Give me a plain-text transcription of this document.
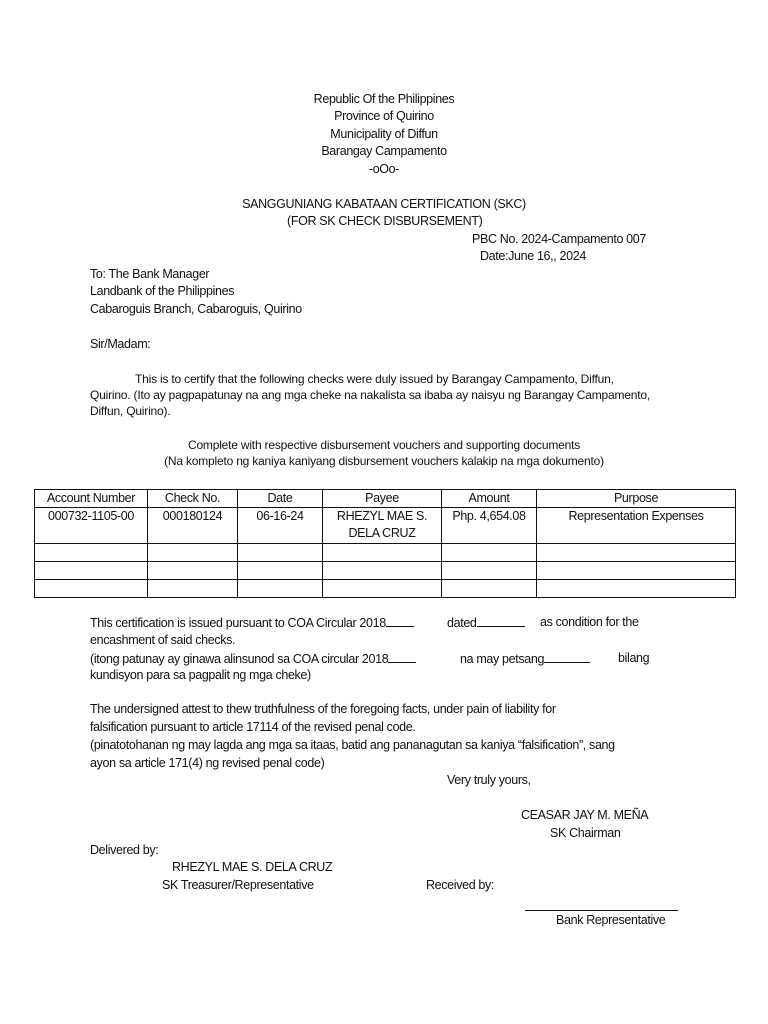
Republic Of the Philippines
Province of Quirino
Municipality of Diffun
Barangay Campamento
-oOo-
SANGGUNIANG KABATAAN CERTIFICATION (SKC)
(FOR SK CHECK DISBURSEMENT)
PBC No. 2024-Campamento 007
Date:June 16,, 2024
To: The Bank Manager
Landbank of the Philippines
Cabaroguis Branch, Cabaroguis, Quirino
Sir/Madam:
This is to certify that the following checks were duly issued by Barangay Campamento, Diffun,
Quirino. (Ito ay pagpapatunay na ang mga cheke na nakalista sa ibaba ay naisyu ng Barangay Campamento,
Diffun, Quirino).
Complete with respective disbursement vouchers and supporting documents
(Na kompleto ng kaniya kaniyang disbursement vouchers kalakip na mga dokumento)
Account Number	Check No.	Date	Payee	Amount	Purpose
000732-1105-00	000180124	06-16-24	RHEZYL MAE S.
DELA CRUZ	Php. 4,654.08	Representation Expenses

This certification is issued pursuant to COA Circular 2018	dated	as condition for the
encashment of said checks.
(itong patunay ay ginawa alinsunod sa COA circular 2018	na may petsang	bilang
kundisyon para sa pagpalit ng mga cheke)
The undersigned attest to thew truthfulness of the foregoing facts, under pain of liability for
falsification pursuant to article 17114 of the revised penal code.
(pinatotohanan ng may lagda ang mga sa itaas, batid ang pananagutan sa kaniya “falsification”, sang
ayon sa article 171(4) ng revised penal code)
Very truly yours,
CEASAR JAY M. MEÑA
SK Chairman
Delivered by:
RHEZYL MAE S. DELA CRUZ
SK Treasurer/Representative	Received by:
Bank Representative
